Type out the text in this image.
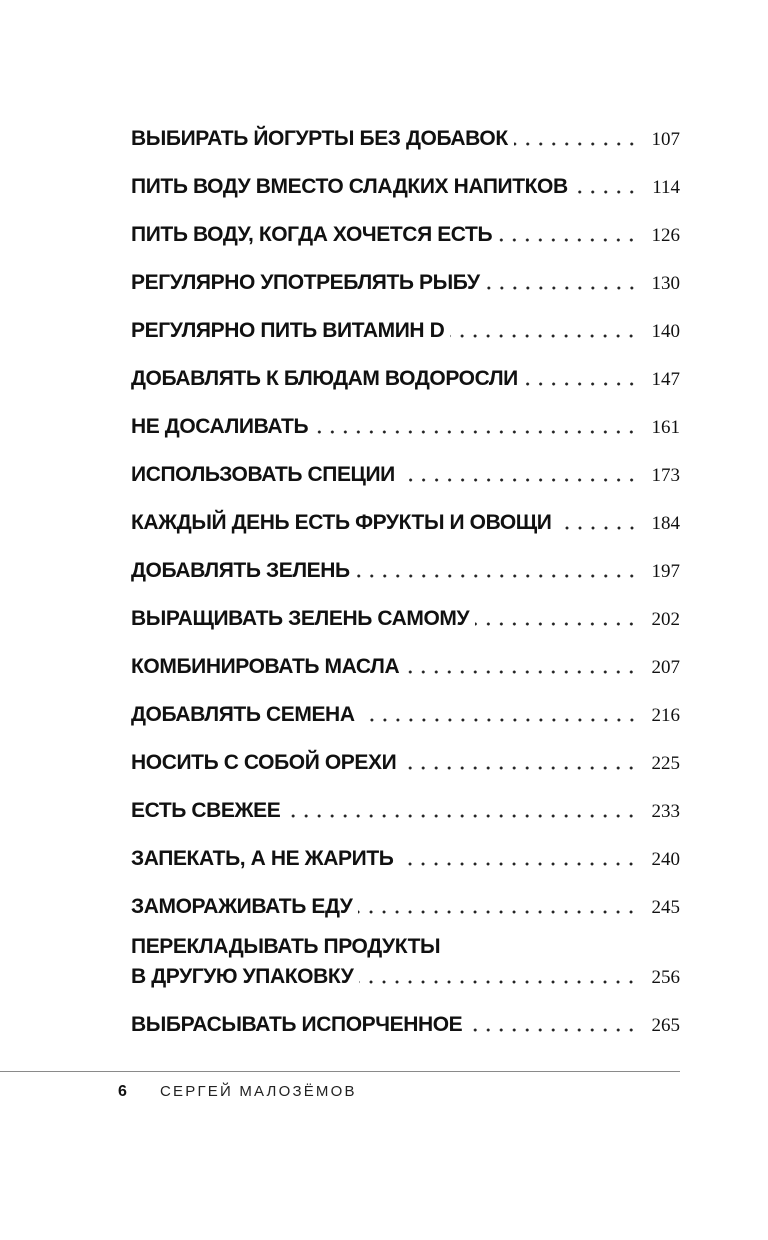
ВЫБИРАТЬ ЙОГУРТЫ БЕЗ ДОБАВОК	107
ПИТЬ ВОДУ ВМЕСТО СЛАДКИХ НАПИТКОВ	114
ПИТЬ ВОДУ, КОГДА ХОЧЕТСЯ ЕСТЬ	126
РЕГУЛЯРНО УПОТРЕБЛЯТЬ РЫБУ	130
РЕГУЛЯРНО ПИТЬ ВИТАМИН D	140
ДОБАВЛЯТЬ К БЛЮДАМ ВОДОРОСЛИ	147
НЕ ДОСАЛИВАТЬ	161
ИСПОЛЬЗОВАТЬ СПЕЦИИ	173
КАЖДЫЙ ДЕНЬ ЕСТЬ ФРУКТЫ И ОВОЩИ	184
ДОБАВЛЯТЬ ЗЕЛЕНЬ	197
ВЫРАЩИВАТЬ ЗЕЛЕНЬ САМОМУ	202
КОМБИНИРОВАТЬ МАСЛА	207
ДОБАВЛЯТЬ СЕМЕНА	216
НОСИТЬ С СОБОЙ ОРЕХИ	225
ЕСТЬ СВЕЖЕЕ	233
ЗАПЕКАТЬ, А НЕ ЖАРИТЬ	240
ЗАМОРАЖИВАТЬ ЕДУ	245
ПЕРЕКЛАДЫВАТЬ ПРОДУКТЫ
В ДРУГУЮ УПАКОВКУ	256
ВЫБРАСЫВАТЬ ИСПОРЧЕННОЕ	265
6	СЕРГЕЙ МАЛОЗЁМОВ
